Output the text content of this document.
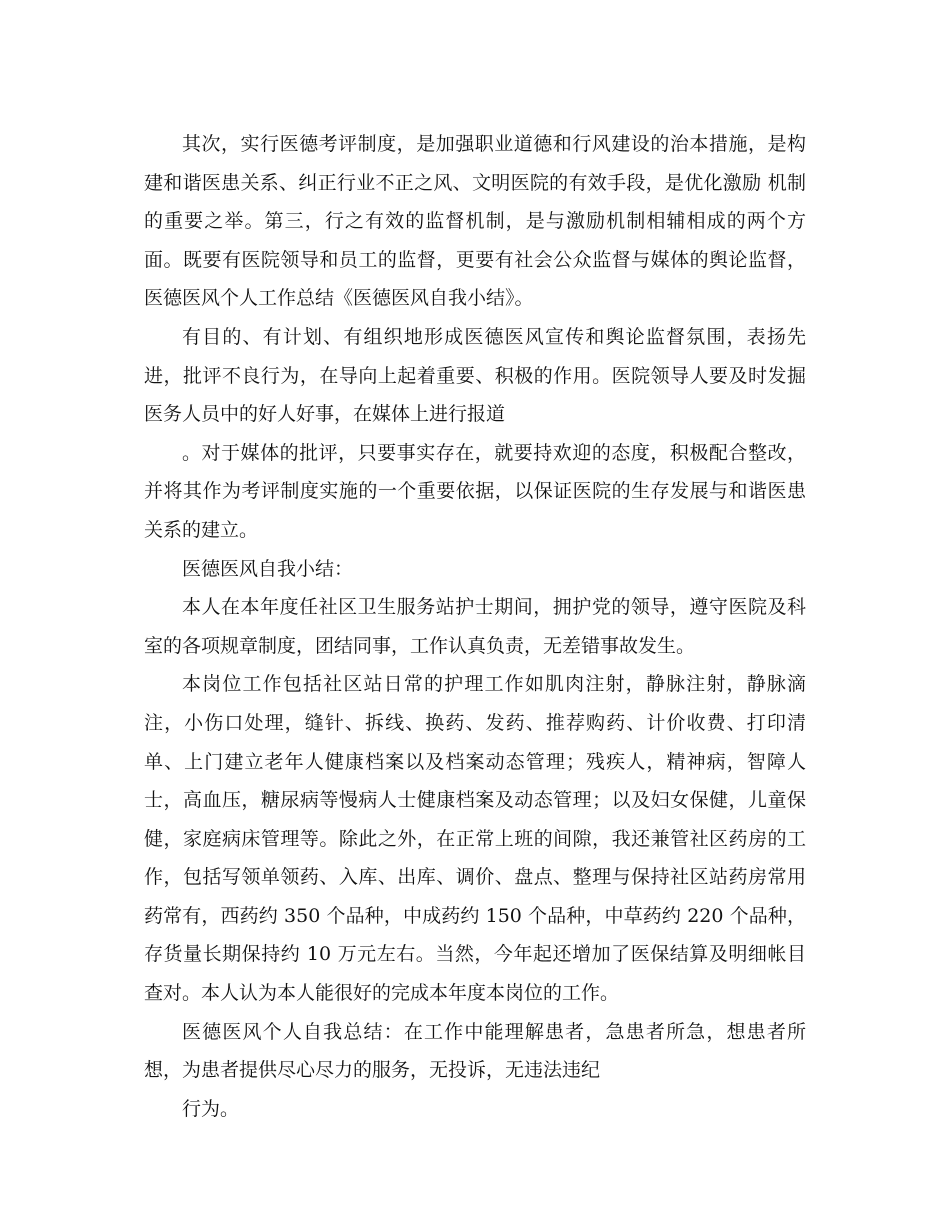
其次，实行医德考评制度，是加强职业道德和行风建设的治本措施，是构建和谐医患关系、纠正行业不正之风、文明医院的有效手段，是优化激励 机制的重要之举。第三，行之有效的监督机制，是与激励机制相辅相成的两个方面。既要有医院领导和员工的监督，更要有社会公众监督与媒体的舆论监督，医德医风个人工作总结《医德医风自我小结》。

有目的、有计划、有组织地形成医德医风宣传和舆论监督氛围，表扬先进，批评不良行为，在导向上起着重要、积极的作用。医院领导人要及时发掘医务人员中的好人好事，在媒体上进行报道

。对于媒体的批评，只要事实存在，就要持欢迎的态度，积极配合整改，并将其作为考评制度实施的一个重要依据，以保证医院的生存发展与和谐医患关系的建立。

医德医风自我小结：

本人在本年度任社区卫生服务站护士期间，拥护党的领导，遵守医院及科室的各项规章制度，团结同事，工作认真负责，无差错事故发生。

本岗位工作包括社区站日常的护理工作如肌肉注射，静脉注射，静脉滴注，小伤口处理，缝针、拆线、换药、发药、推荐购药、计价收费、打印清单、上门建立老年人健康档案以及档案动态管理；残疾人，精神病，智障人士，高血压，糖尿病等慢病人士健康档案及动态管理；以及妇女保健，儿童保健，家庭病床管理等。除此之外，在正常上班的间隙，我还兼管社区药房的工作，包括写领单领药、入库、出库、调价、盘点、整理与保持社区站药房常用药常有，西药约 350 个品种，中成药约 150 个品种，中草药约 220 个品种，存货量长期保持约 10 万元左右。当然，今年起还增加了医保结算及明细帐目查对。本人认为本人能很好的完成本年度本岗位的工作。

医德医风个人自我总结：在工作中能理解患者，急患者所急，想患者所想，为患者提供尽心尽力的服务，无投诉，无违法违纪

行为。
